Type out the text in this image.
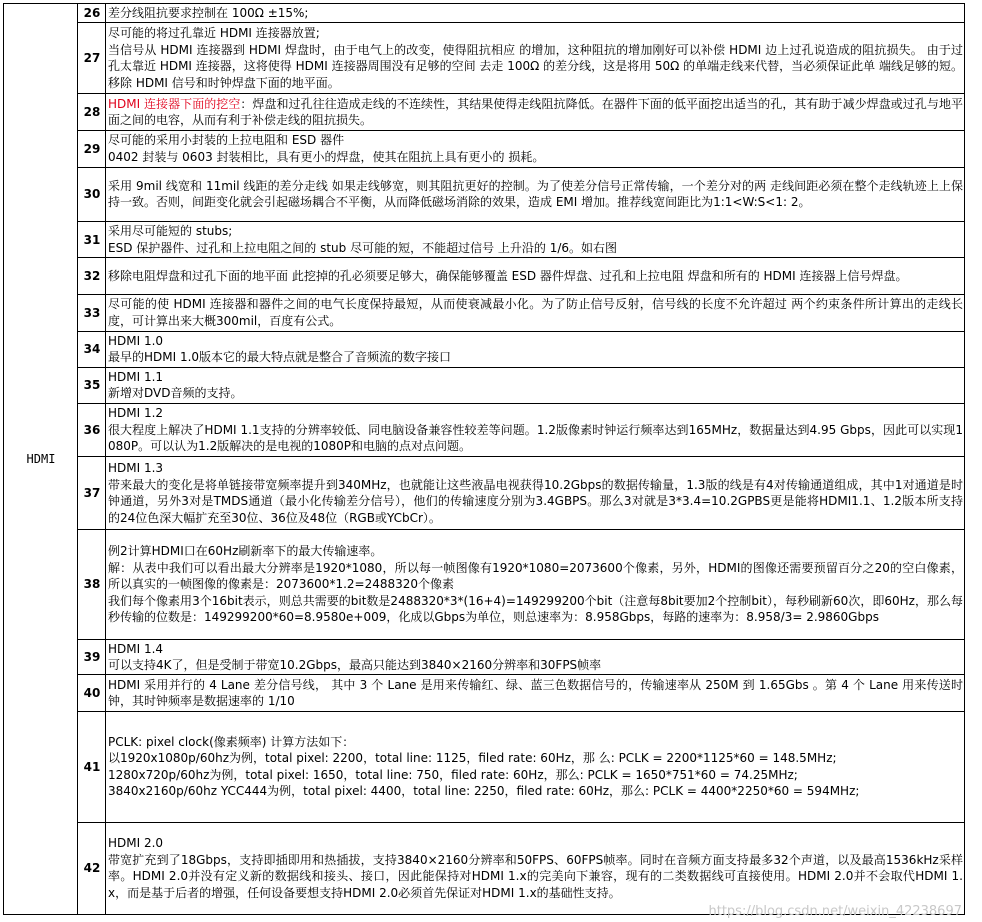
HDMI	26	差分线阻抗要求控制在 100Ω ±15%;

	27	尽可能的将过孔靠近 HDMI 连接器放置;
当信号从 HDMI 连接器到 HDMI 焊盘时，由于电气上的改变，使得阻抗相应 的增加，这种阻抗的增加刚好可以补偿 HDMI 边上过孔说造成的阻抗损失。 由于过孔太靠近 HDMI 连接器，这将使得 HDMI 连接器周围没有足够的空间 去走 100Ω 的差分线，这是将用 50Ω 的单端走线来代替，当必须保证此单 端线足够的短。移除 HDMI 信号和时钟焊盘下面的地平面。

	28	HDMI 连接器下面的挖空：焊盘和过孔往往造成走线的不连续性，其结果使得走线阻抗降低。在器件下面的低平面挖出适当的孔，其有助于减少焊盘或过孔与地平面之间的电容，从而有利于补偿走线的阻抗损失。

	29	尽可能的采用小封装的上拉电阻和 ESD 器件
0402 封装与 0603 封装相比，具有更小的焊盘，使其在阻抗上具有更小的 损耗。

	30	采用 9mil 线宽和 11mil 线距的差分走线 如果走线够宽，则其阻抗更好的控制。为了使差分信号正常传输，一个差分对的两 走线间距必须在整个走线轨迹上上保持一致。否则，间距变化就会引起磁场耦合不平衡，从而降低磁场消除的效果，造成 EMI 增加。推荐线宽间距比为1:1<W:S<1: 2。

	31	采用尽可能短的 stubs;
ESD 保护器件、过孔和上拉电阻之间的 stub 尽可能的短，不能超过信号 上升沿的 1/6。如右图

	32	移除电阻焊盘和过孔下面的地平面 此挖掉的孔必须要足够大，确保能够覆盖 ESD 器件焊盘、过孔和上拉电阻 焊盘和所有的 HDMI 连接器上信号焊盘。

	33	尽可能的使 HDMI 连接器和器件之间的电气长度保持最短，从而使衰减最小化。为了防止信号反射，信号线的长度不允许超过 两个约束条件所计算出的走线长度，可计算出来大概300mil，百度有公式。

	34	HDMI 1.0
最早的HDMI 1.0版本它的最大特点就是整合了音频流的数字接口

	35	HDMI 1.1
新增对DVD音频的支持。

	36	HDMI 1.2
很大程度上解决了HDMI 1.1支持的分辨率较低、同电脑设备兼容性较差等问题。1.2版像素时钟运行频率达到165MHz，数据量达到4.95 Gbps，因此可以实现1080P。可以认为1.2版解决的是电视的1080P和电脑的点对点问题。

	37	HDMI 1.3
带来最大的变化是将单链接带宽频率提升到340MHz，也就能让这些液晶电视获得10.2Gbps的数据传输量，1.3版的线是有4对传输通道组成，其中1对通道是时钟通道，另外3对是TMDS通道（最小化传输差分信号），他们的传输速度分别为3.4GBPS。那么3对就是3*3.4=10.2GPBS更是能将HDMI1.1、1.2版本所支持的24位色深大幅扩充至30位、36位及48位（RGB或YCbCr）。

	38	例2计算HDMI口在60Hz刷新率下的最大传输速率。
解：从表中我们可以看出最大分辨率是1920*1080，所以每一帧图像有1920*1080=2073600个像素，另外，HDMI的图像还需要预留百分之20的空白像素，所以真实的一帧图像的像素是：2073600*1.2=2488320个像素
我们每个像素用3个16bit表示，则总共需要的bit数是2488320*3*(16+4)=149299200个bit（注意每8bit要加2个控制bit），每秒刷新60次，即60Hz，那么每秒传输的位数是：149299200*60=8.9580e+009，化成以Gbps为单位，则总速率为：8.958Gbps，每路的速率为：8.958/3= 2.9860Gbps

	39	HDMI 1.4
可以支持4K了，但是受制于带宽10.2Gbps，最高只能达到3840×2160分辨率和30FPS帧率

	40	HDMI 采用并行的 4 Lane 差分信号线， 其中 3 个 Lane 是用来传输红、绿、蓝三色数据信号的，传输速率从 250M 到 1.65Gbs 。第 4 个 Lane 用来传送时钟，其时钟频率是数据速率的 1/10

	41	PCLK: pixel clock(像素频率) 计算方法如下：
以1920x1080p/60hz为例，total pixel: 2200，total line: 1125，filed rate: 60Hz，那 么: PCLK = 2200*1125*60 = 148.5MHz;
1280x720p/60hz为例，total pixel: 1650，total line: 750，filed rate: 60Hz，那么: PCLK = 1650*751*60 = 74.25MHz;
3840x2160p/60hz YCC444为例，total pixel: 4400，total line: 2250，filed rate: 60Hz，那么: PCLK = 4400*2250*60 = 594MHz;

	42	HDMI 2.0
带宽扩充到了18Gbps，支持即插即用和热插拔，支持3840×2160分辨率和50FPS、60FPS帧率。同时在音频方面支持最多32个声道，以及最高1536kHz采样率。HDMI 2.0并没有定义新的数据线和接头、接口，因此能保持对HDMI 1.x的完美向下兼容，现有的二类数据线可直接使用。HDMI 2.0并不会取代HDMI 1.x，而是基于后者的增强，任何设备要想支持HDMI 2.0必须首先保证对HDMI 1.x的基础性支持。
https://blog.csdn.net/weixin_42238697
